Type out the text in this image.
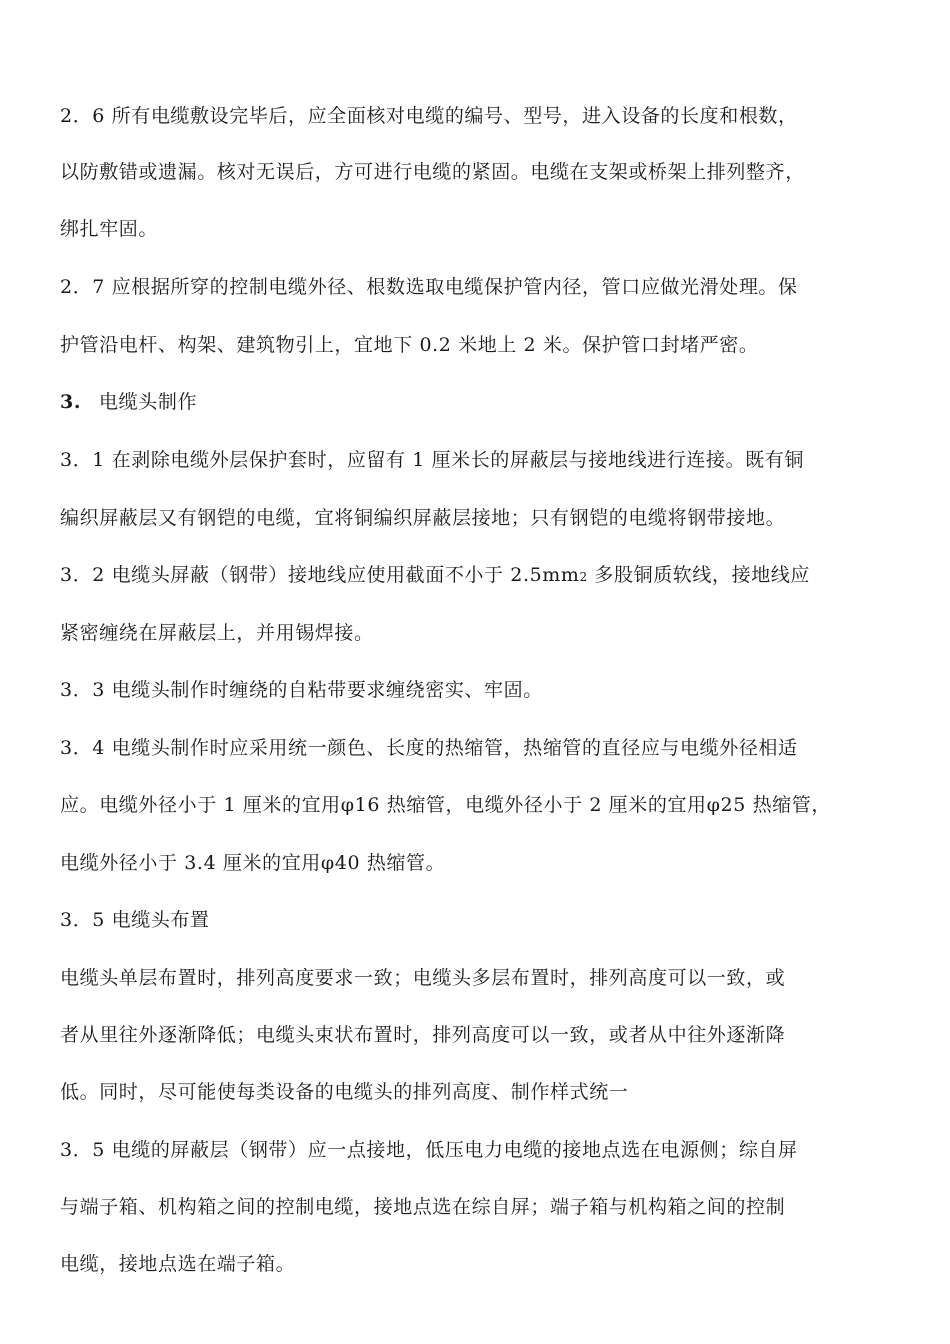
2．6 所有电缆敷设完毕后，应全面核对电缆的编号、型号，进入设备的长度和根数，
以防敷错或遗漏。核对无误后，方可进行电缆的紧固。电缆在支架或桥架上排列整齐，
绑扎牢固。
2．7 应根据所穿的控制电缆外径、根数选取电缆保护管内径，管口应做光滑处理。保
护管沿电杆、构架、建筑物引上，宜地下 0.2 米地上 2 米。保护管口封堵严密。
3. 电缆头制作
3．1 在剥除电缆外层保护套时，应留有 1 厘米长的屏蔽层与接地线进行连接。既有铜
编织屏蔽层又有钢铠的电缆，宜将铜编织屏蔽层接地；只有钢铠的电缆将钢带接地。
3．2 电缆头屏蔽（钢带）接地线应使用截面不小于 2.5mm2 多股铜质软线，接地线应
紧密缠绕在屏蔽层上，并用锡焊接。
3．3 电缆头制作时缠绕的自粘带要求缠绕密实、牢固。
3．4 电缆头制作时应采用统一颜色、长度的热缩管，热缩管的直径应与电缆外径相适
应。电缆外径小于 1 厘米的宜用φ16 热缩管，电缆外径小于 2 厘米的宜用φ25 热缩管，
电缆外径小于 3.4 厘米的宜用φ40 热缩管。
3．5 电缆头布置
电缆头单层布置时，排列高度要求一致；电缆头多层布置时，排列高度可以一致，或
者从里往外逐渐降低；电缆头束状布置时，排列高度可以一致，或者从中往外逐渐降
低。同时，尽可能使每类设备的电缆头的排列高度、制作样式统一
3．5 电缆的屏蔽层（钢带）应一点接地，低压电力电缆的接地点选在电源侧；综自屏
与端子箱、机构箱之间的控制电缆，接地点选在综自屏；端子箱与机构箱之间的控制
电缆，接地点选在端子箱。
